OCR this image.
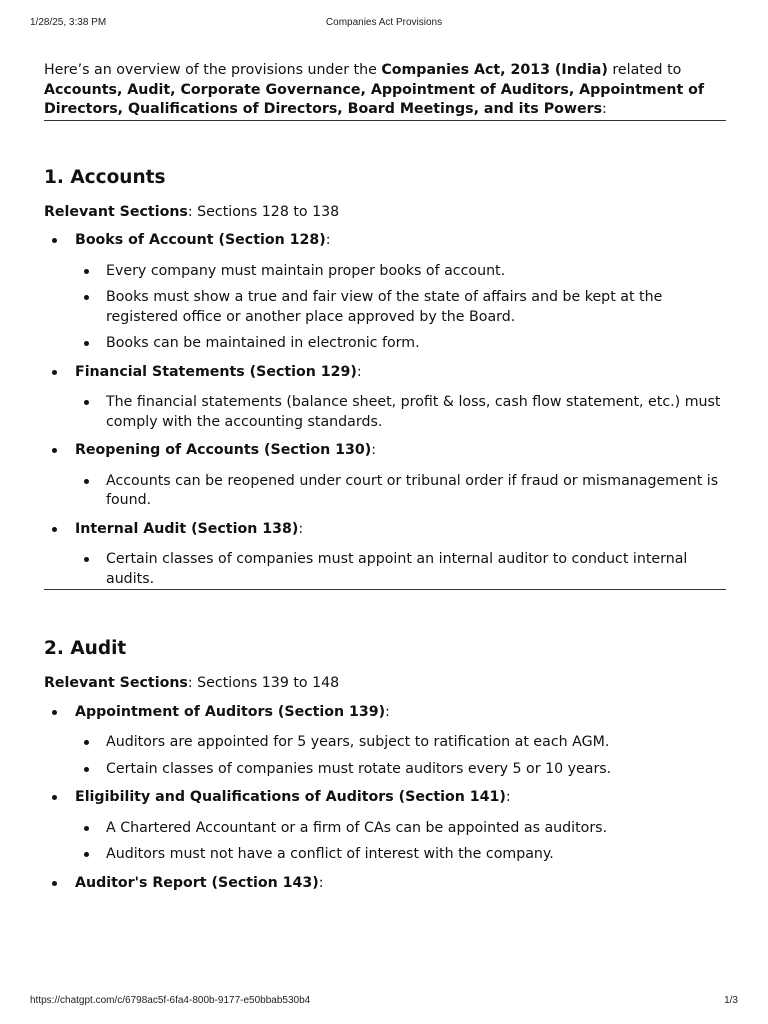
1/28/25, 3:38 PM	Companies Act Provisions

Here’s an overview of the provisions under the Companies Act, 2013 (India) related to Accounts, Audit, Corporate Governance, Appointment of Auditors, Appointment of Directors, Qualifications of Directors, Board Meetings, and its Powers:

1. Accounts

Relevant Sections: Sections 128 to 138

Books of Account (Section 128):
Every company must maintain proper books of account.
Books must show a true and fair view of the state of affairs and be kept at the registered office or another place approved by the Board.
Books can be maintained in electronic form.
Financial Statements (Section 129):
The financial statements (balance sheet, profit & loss, cash flow statement, etc.) must comply with the accounting standards.
Reopening of Accounts (Section 130):
Accounts can be reopened under court or tribunal order if fraud or mismanagement is found.
Internal Audit (Section 138):
Certain classes of companies must appoint an internal auditor to conduct internal audits.
2. Audit

Relevant Sections: Sections 139 to 148

Appointment of Auditors (Section 139):
Auditors are appointed for 5 years, subject to ratification at each AGM.
Certain classes of companies must rotate auditors every 5 or 10 years.
Eligibility and Qualifications of Auditors (Section 141):
A Chartered Accountant or a firm of CAs can be appointed as auditors.
Auditors must not have a conflict of interest with the company.
Auditor's Report (Section 143):
https://chatgpt.com/c/6798ac5f-6fa4-800b-9177-e50bbab530b4	1/3
